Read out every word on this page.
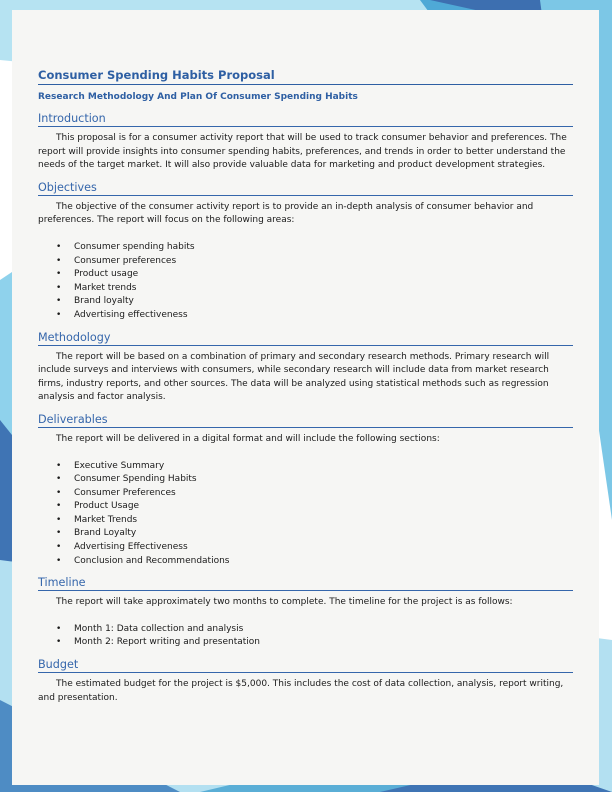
Consumer Spending Habits Proposal
Research Methodology And Plan Of Consumer Spending Habits
Introduction

This proposal is for a consumer activity report that will be used to track consumer behavior and preferences. The report will provide insights into consumer spending habits, preferences, and trends in order to better understand the needs of the target market. It will also provide valuable data for marketing and product development strategies.

Objectives

The objective of the consumer activity report is to provide an in-depth analysis of consumer behavior and preferences. The report will focus on the following areas:

• Consumer spending habits
• Consumer preferences
• Product usage
• Market trends
• Brand loyalty
• Advertising effectiveness
Methodology

The report will be based on a combination of primary and secondary research methods. Primary research will include surveys and interviews with consumers, while secondary research will include data from market research firms, industry reports, and other sources. The data will be analyzed using statistical methods such as regression analysis and factor analysis.

Deliverables

The report will be delivered in a digital format and will include the following sections:

• Executive Summary
• Consumer Spending Habits
• Consumer Preferences
• Product Usage
• Market Trends
• Brand Loyalty
• Advertising Effectiveness
• Conclusion and Recommendations
Timeline

The report will take approximately two months to complete. The timeline for the project is as follows:

• Month 1: Data collection and analysis
• Month 2: Report writing and presentation
Budget

The estimated budget for the project is $5,000. This includes the cost of data collection, analysis, report writing, and presentation.
